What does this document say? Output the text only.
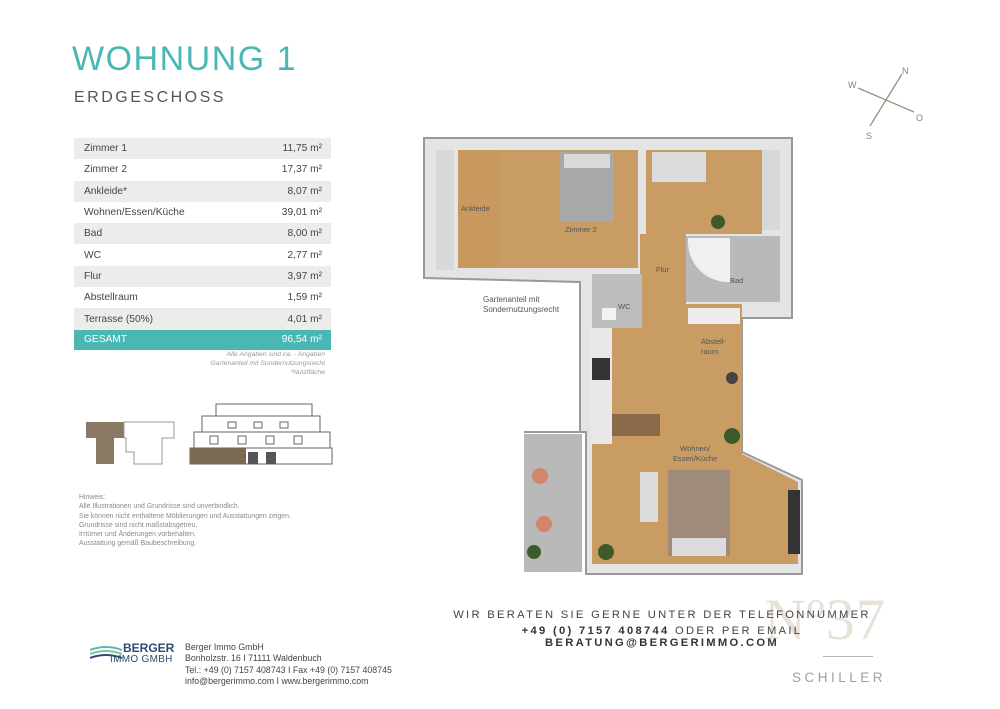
WOHNUNG 1
ERDGESCHOSS
Zimmer 1	11,75 m²
Zimmer 2	17,37 m²
Ankleide*	8,07 m²
Wohnen/Essen/Küche	39,01 m²
Bad	8,00 m²
WC	2,77 m²
Flur	3,97 m²
Abstellraum	1,59 m²
Terrasse (50%)	4,01 m²
GESAMT	96,54 m²
Alle Angaben sind ca. - Angaben
Gartenanteil mit Sondernutzungsrecht
*Nutzfläche
Hinweis:
Alle Illustrationen und Grundrisse sind unverbindlich.
Sie können nicht enthaltene Möblierungen und Ausstattungen zeigen.
Grundrisse sind nicht maßstabsgetreu.
Irrtümer und Änderungen vorbehalten.
Ausstattung gemäß Baubeschreibung.
N
W
O
S
Ankleide
Zimmer 2
Flur
Bad
WC
Abstell-
raum
Wohnen/
Essen/Küche
Gartenanteil mit
Sondernutzungsrecht
Nº37
WIR BERATEN SIE GERNE UNTER DER TELEFONNUMMER
+49 (0) 7157 408744 ODER PER EMAIL BERATUNG@BERGERIMMO.COM
SCHILLER
BERGER
IMMO GMBH
Berger Immo GmbH
Bonholzstr. 16 I 71111 Waldenbuch
Tel.: +49 (0) 7157 408743 I Fax +49 (0) 7157 408745
info@bergerimmo.com I www.bergerimmo.com
